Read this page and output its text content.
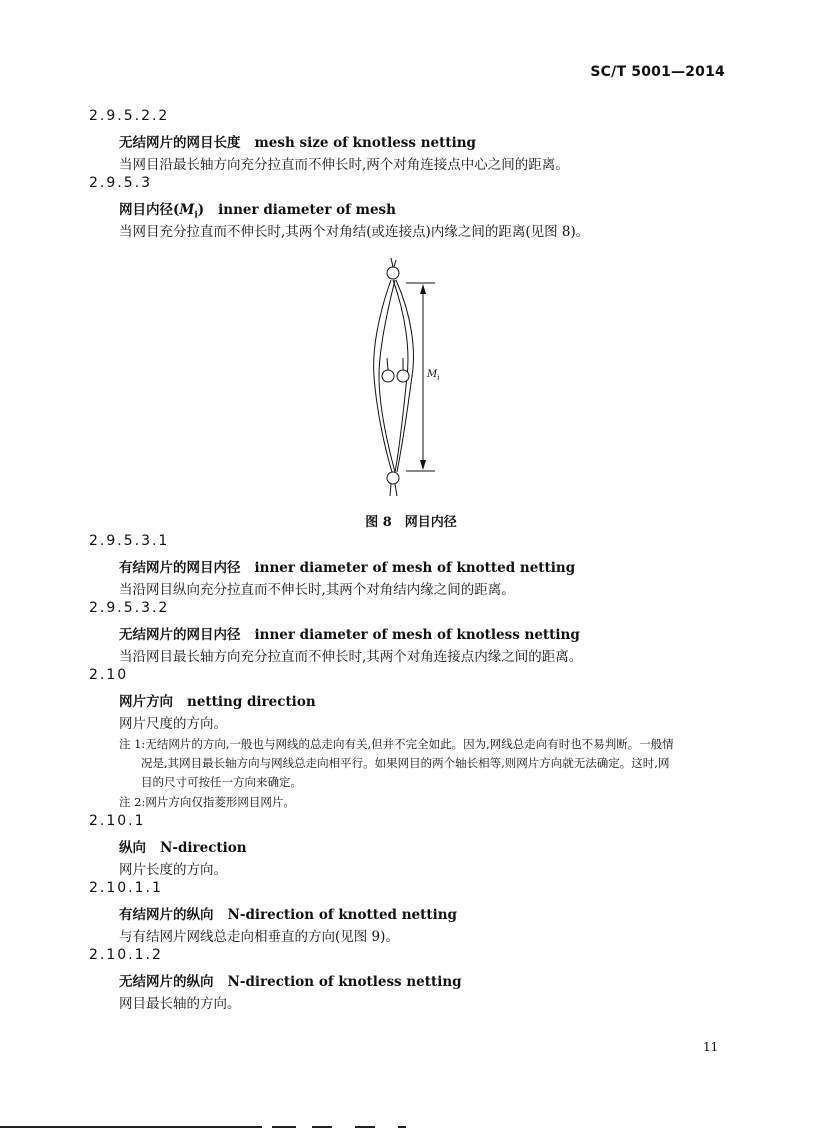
SC/T 5001—2014
2.9.5.2.2
无结网片的网目长度 mesh size of knotless netting
当网目沿最长轴方向充分拉直而不伸长时,两个对角连接点中心之间的距离。
2.9.5.3
网目内径$(M_i)$ inner diameter of mesh
当网目充分拉直而不伸长时,其两个对角结(或连接点)内缘之间的距离(见图 8)。
$M_i$
图 8　网目内径
2.9.5.3.1
有结网片的网目内径 inner diameter of mesh of knotted netting
当沿网目纵向充分拉直而不伸长时,其两个对角结内缘之间的距离。
2.9.5.3.2
无结网片的网目内径 inner diameter of mesh of knotless netting
当沿网目最长轴方向充分拉直而不伸长时,其两个对角连接点内缘之间的距离。
2.10
网片方向 netting direction
网片尺度的方向。
注 1:无结网片的方向,一般也与网线的总走向有关,但并不完全如此。因为,网线总走向有时也不易判断。一般情
况是,其网目最长轴方向与网线总走向相平行。如果网目的两个轴长相等,则网片方向就无法确定。这时,网
目的尺寸可按任一方向来确定。
注 2:网片方向仅指菱形网目网片。
2.10.1
纵向 N-direction
网片长度的方向。
2.10.1.1
有结网片的纵向 N-direction of knotted netting
与有结网片网线总走向相垂直的方向(见图 9)。
2.10.1.2
无结网片的纵向 N-direction of knotless netting
网目最长轴的方向。
11
